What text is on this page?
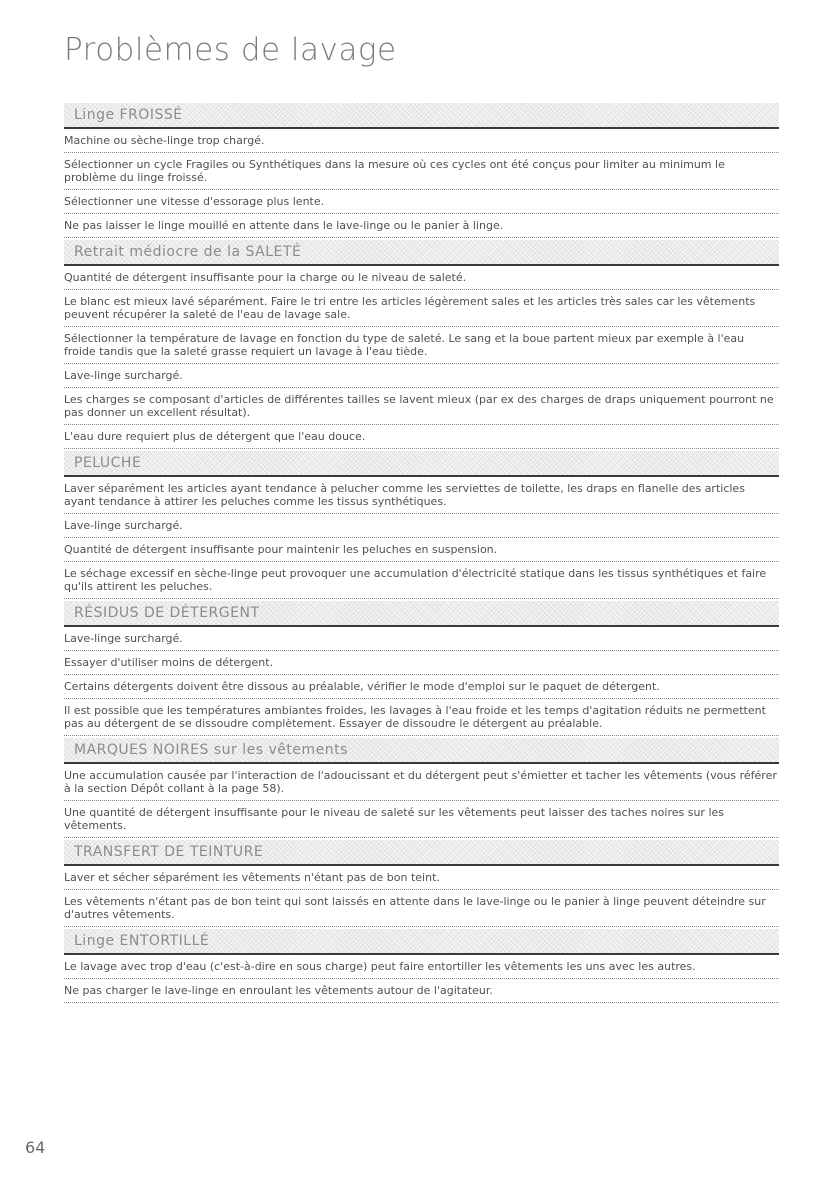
Problèmes de lavage
Linge FROISSÉ
Machine ou sèche-linge trop chargé.
Sélectionner un cycle Fragiles ou Synthétiques dans la mesure où ces cycles ont été conçus pour limiter au minimum le problème du linge froissé.
Sélectionner une vitesse d'essorage plus lente.
Ne pas laisser le linge mouillé en attente dans le lave-linge ou le panier à linge.
Retrait médiocre de la SALETÉ
Quantité de détergent insuffisante pour la charge ou le niveau de saleté.
Le blanc est mieux lavé séparément. Faire le tri entre les articles légèrement sales et les articles très sales car les vêtements peuvent récupérer la saleté de l'eau de lavage sale.
Sélectionner la température de lavage en fonction du type de saleté. Le sang et la boue partent mieux par exemple à l'eau froide tandis que la saleté grasse requiert un lavage à l'eau tiède.
Lave-linge surchargé.
Les charges se composant d'articles de différentes tailles se lavent mieux (par ex des charges de draps uniquement pourront ne pas donner un excellent résultat).
L'eau dure requiert plus de détergent que l'eau douce.
PELUCHE
Laver séparément les articles ayant tendance à pelucher comme les serviettes de toilette, les draps en flanelle des articles ayant tendance à attirer les peluches comme les tissus synthétiques.
Lave-linge surchargé.
Quantité de détergent insuffisante pour maintenir les peluches en suspension.
Le séchage excessif en sèche-linge peut provoquer une accumulation d'électricité statique dans les tissus synthétiques et faire qu'ils attirent les peluches.
RÉSIDUS DE DÉTERGENT
Lave-linge surchargé.
Essayer d'utiliser moins de détergent.
Certains détergents doivent être dissous au préalable, vérifier le mode d'emploi sur le paquet de détergent.
Il est possible que les températures ambiantes froides, les lavages à l'eau froide et les temps d'agitation réduits ne permettent pas au détergent de se dissoudre complètement. Essayer de dissoudre le détergent au préalable.
MARQUES NOIRES sur les vêtements
Une accumulation causée par l'interaction de l'adoucissant et du détergent peut s'émietter et tacher les vêtements (vous référer à la section Dépôt collant à la page 58).
Une quantité de détergent insuffisante pour le niveau de saleté sur les vêtements peut laisser des taches noires sur les vêtements.
TRANSFERT DE TEINTURE
Laver et sécher séparément les vêtements n'étant pas de bon teint.
Les vêtements n'étant pas de bon teint qui sont laissés en attente dans le lave-linge ou le panier à linge peuvent déteindre sur d'autres vêtements.
Linge ENTORTILLÉ
Le lavage avec trop d'eau (c'est-à-dire en sous charge) peut faire entortiller les vêtements les uns avec les autres.
Ne pas charger le lave-linge en enroulant les vêtements autour de l'agitateur.
64
